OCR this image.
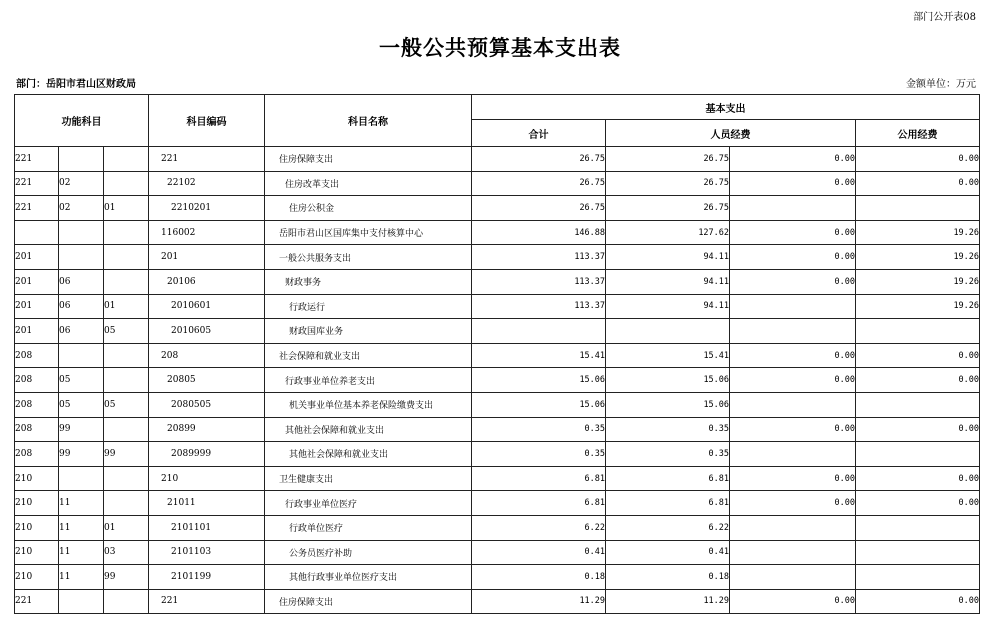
部门公开表08
一般公共预算基本支出表
部门：岳阳市君山区财政局	金额单位：万元
功能科目			科目编码	科目名称	基本支出			
					合计	人员经费		公用经费
221			221	住房保障支出	26.75	26.75	0.00	0.00
221	02		22102	住房改革支出	26.75	26.75	0.00	0.00
221	02	01	2210201	住房公积金	26.75	26.75		
			116002	岳阳市君山区国库集中支付核算中心	146.88	127.62	0.00	19.26
201			201	一般公共服务支出	113.37	94.11	0.00	19.26
201	06		20106	财政事务	113.37	94.11	0.00	19.26
201	06	01	2010601	行政运行	113.37	94.11		19.26
201	06	05	2010605	财政国库业务				
208			208	社会保障和就业支出	15.41	15.41	0.00	0.00
208	05		20805	行政事业单位养老支出	15.06	15.06	0.00	0.00
208	05	05	2080505	机关事业单位基本养老保险缴费支出	15.06	15.06		
208	99		20899	其他社会保障和就业支出	0.35	0.35	0.00	0.00
208	99	99	2089999	其他社会保障和就业支出	0.35	0.35		
210			210	卫生健康支出	6.81	6.81	0.00	0.00
210	11		21011	行政事业单位医疗	6.81	6.81	0.00	0.00
210	11	01	2101101	行政单位医疗	6.22	6.22		
210	11	03	2101103	公务员医疗补助	0.41	0.41		
210	11	99	2101199	其他行政事业单位医疗支出	0.18	0.18		
221			221	住房保障支出	11.29	11.29	0.00	0.00
